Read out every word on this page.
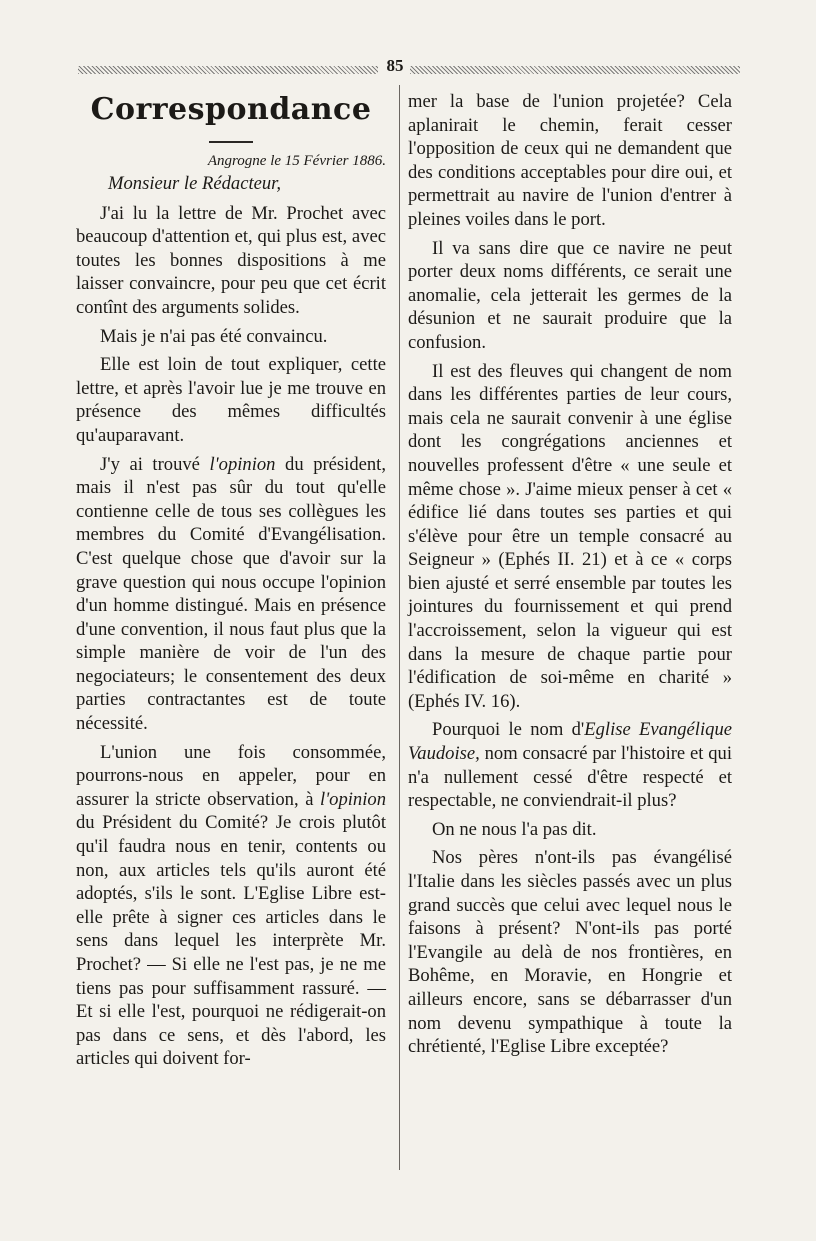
85
Correspondance
Angrogne le 15 Février 1886.
Monsieur le Rédacteur,

J'ai lu la lettre de Mr. Prochet avec beaucoup d'attention et, qui plus est, avec toutes les bonnes dispositions à me laisser convaincre, pour peu que cet écrit contînt des arguments solides.

Mais je n'ai pas été convaincu.

Elle est loin de tout expliquer, cette lettre, et après l'avoir lue je me trouve en présence des mêmes difficultés qu'auparavant.

J'y ai trouvé l'opinion du président, mais il n'est pas sûr du tout qu'elle contienne celle de tous ses collègues les membres du Comité d'Evangélisation. C'est quelque chose que d'avoir sur la grave question qui nous occupe l'opinion d'un homme distingué. Mais en présence d'une convention, il nous faut plus que la simple manière de voir de l'un des negociateurs; le consentement des deux parties contractantes est de toute nécessité.

L'union une fois consommée, pourrons-nous en appeler, pour en assurer la stricte observation, à l'opinion du Président du Comité? Je crois plutôt qu'il faudra nous en tenir, contents ou non, aux articles tels qu'ils auront été adoptés, s'ils le sont. L'Eglise Libre est-elle prête à signer ces articles dans le sens dans lequel les interprète Mr. Prochet? — Si elle ne l'est pas, je ne me tiens pas pour suffisamment rassuré. — Et si elle l'est, pourquoi ne rédigerait-on pas dans ce sens, et dès l'abord, les articles qui doivent for-

mer la base de l'union projetée? Cela aplanirait le chemin, ferait cesser l'opposition de ceux qui ne demandent que des conditions acceptables pour dire oui, et permettrait au navire de l'union d'entrer à pleines voiles dans le port.

Il va sans dire que ce navire ne peut porter deux noms différents, ce serait une anomalie, cela jetterait les germes de la désunion et ne saurait produire que la confusion.

Il est des fleuves qui changent de nom dans les différentes parties de leur cours, mais cela ne saurait convenir à une église dont les congrégations anciennes et nouvelles professent d'être « une seule et même chose ». J'aime mieux penser à cet « édifice lié dans toutes ses parties et qui s'élève pour être un temple consacré au Seigneur » (Ephés II. 21) et à ce « corps bien ajusté et serré ensemble par toutes les jointures du fournissement et qui prend l'accroissement, selon la vigueur qui est dans la mesure de chaque partie pour l'édification de soi-même en charité » (Ephés IV. 16).

Pourquoi le nom d'Eglise Evangélique Vaudoise, nom consacré par l'histoire et qui n'a nullement cessé d'être respecté et respectable, ne conviendrait-il plus?

On ne nous l'a pas dit.

Nos pères n'ont-ils pas évangélisé l'Italie dans les siècles passés avec un plus grand succès que celui avec lequel nous le faisons à présent? N'ont-ils pas porté l'Evangile au delà de nos frontières, en Bohême, en Moravie, en Hongrie et ailleurs encore, sans se débarrasser d'un nom devenu sympathique à toute la chrétienté, l'Eglise Libre exceptée?
